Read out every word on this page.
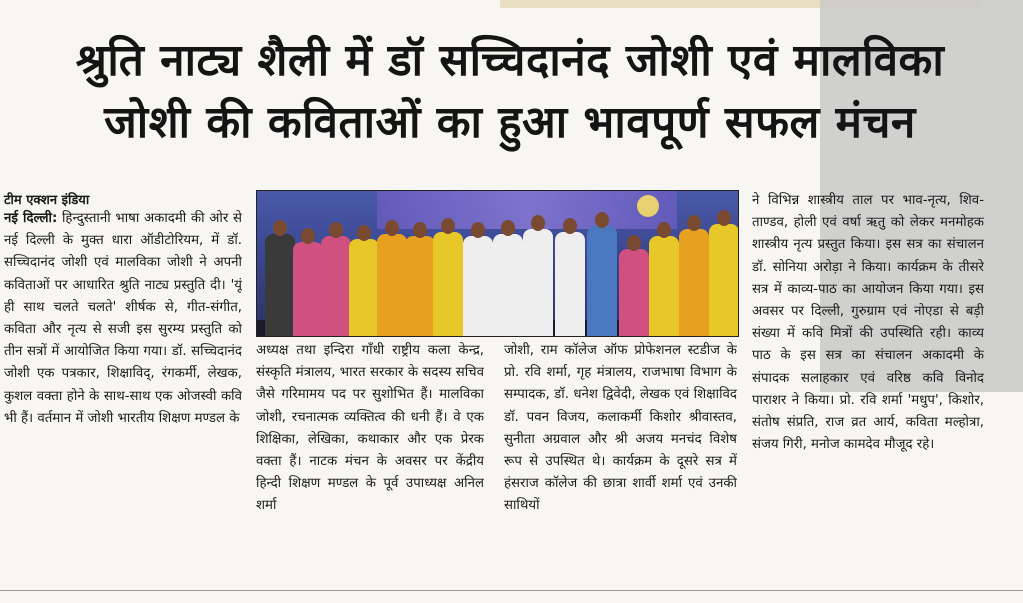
श्रुति नाट्य शैली में डॉ सच्चिदानंद जोशी एवं मालविका
जोशी की कविताओं का हुआ भावपूर्ण सफल मंचन
टीम एक्शन इंडिया

नई दिल्ली: हिन्दुस्तानी भाषा अकादमी की ओर से नई दिल्ली के मुक्त धारा ऑडीटोरियम, में डॉ. सच्चिदानंद जोशी एवं मालविका जोशी ने अपनी कविताओं पर आधारित श्रुति नाट्य प्रस्तुति दी। 'यूं ही साथ चलते चलते' शीर्षक से, गीत-संगीत, कविता और नृत्य से सजी इस सुरम्य प्रस्तुति को तीन सत्रों में आयोजित किया गया। डॉ. सच्चिदानंद जोशी एक पत्रकार, शिक्षाविद्, रंगकर्मी, लेखक, कुशल वक्ता होने के साथ-साथ एक ओजस्वी कवि भी हैं। वर्तमान में जोशी भारतीय शिक्षण मण्डल के

अध्यक्ष तथा इन्दिरा गाँधी राष्ट्रीय कला केन्द्र, संस्कृति मंत्रालय, भारत सरकार के सदस्य सचिव जैसे गरिमामय पद पर सुशोभित हैं। मालविका जोशी, रचनात्मक व्यक्तित्व की धनी हैं। वे एक शिक्षिका, लेखिका, कथाकार और एक प्रेरक वक्ता हैं। नाटक मंचन के अवसर पर केंद्रीय हिन्दी शिक्षण मण्डल के पूर्व उपाध्यक्ष अनिल शर्मा

जोशी, राम कॉलेज ऑफ प्रोफेशनल स्टडीज के प्रो. रवि शर्मा, गृह मंत्रालय, राजभाषा विभाग के सम्पादक, डॉ. धनेश द्विवेदी, लेखक एवं शिक्षाविद डॉ. पवन विजय, कलाकर्मी किशोर श्रीवास्तव, सुनीता अग्रवाल और श्री अजय मनचंद विशेष रूप से उपस्थित थे। कार्यक्रम के दूसरे सत्र में हंसराज कॉलेज की छात्रा शार्वी शर्मा एवं उनकी साथियों

ने विभिन्न शास्त्रीय ताल पर भाव-नृत्य, शिव-ताण्डव, होली एवं वर्षा ऋतु को लेकर मनमोहक शास्त्रीय नृत्य प्रस्तुत किया। इस सत्र का संचालन डॉ. सोनिया अरोड़ा ने किया। कार्यक्रम के तीसरे सत्र में काव्य-पाठ का आयोजन किया गया। इस अवसर पर दिल्ली, गुरुग्राम एवं नोएडा से बड़ी संख्या में कवि मित्रों की उपस्थिति रही। काव्य पाठ के इस सत्र का संचालन अकादमी के संपादक सलाहकार एवं वरिष्ठ कवि विनोद पाराशर ने किया। प्रो. रवि शर्मा 'मधुप', किशोर, संतोष संप्रति, राज व्रत आर्य, कविता मल्होत्रा, संजय गिरी, मनोज कामदेव मौजूद रहे।
